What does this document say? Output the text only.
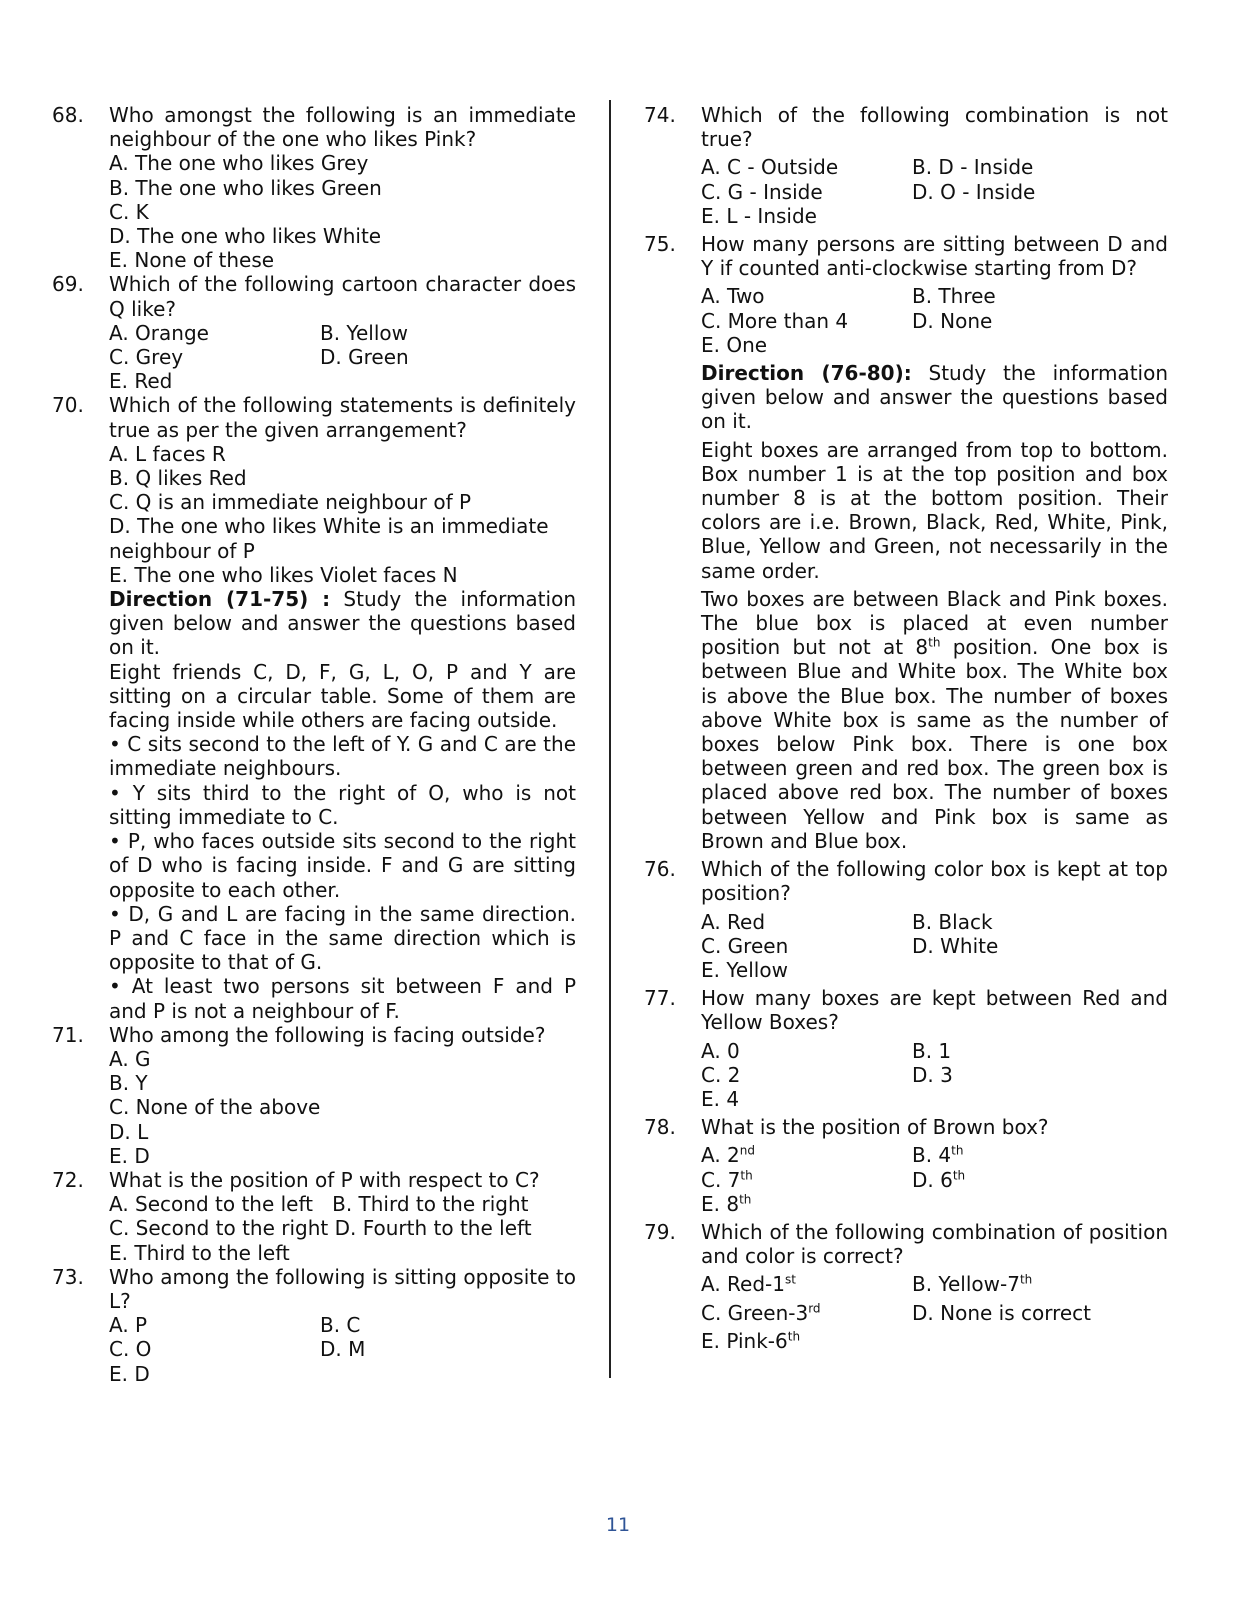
68. Who amongst the following is an immediate neighbour of the one who likes Pink?
A. The one who likes Grey
B. The one who likes Green
C. K
D. The one who likes White
E. None of these
69. Which of the following cartoon character does Q like?
A. Orange	B. Yellow
C. Grey	D. Green
E. Red
70. Which of the following statements is definitely true as per the given arrangement?
A. L faces R
B. Q likes Red
C. Q is an immediate neighbour of P
D. The one who likes White is an immediate neighbour of P
E. The one who likes Violet faces N
Direction (71-75) : Study the information given below and answer the questions based on it.
Eight friends C, D, F, G, L, O, P and Y are sitting on a circular table. Some of them are facing inside while others are facing outside.
• C sits second to the left of Y. G and C are the immediate neighbours.
• Y sits third to the right of O, who is not sitting immediate to C.
• P, who faces outside sits second to the right of D who is facing inside. F and G are sitting opposite to each other.
• D, G and L are facing in the same direction. P and C face in the same direction which is opposite to that of G.
• At least two persons sit between F and P and P is not a neighbour of F.
71. Who among the following is facing outside?
A. G
B. Y
C. None of the above
D. L
E. D
72. What is the position of P with respect to C?
A. Second to the left B. Third to the right
C. Second to the right D. Fourth to the left
E. Third to the left
73. Who among the following is sitting opposite to L?
A. P	B. C
C. O	D. M
E. D
74. Which of the following combination is not true?
A. C - Outside	B. D - Inside
C. G - Inside	D. O - Inside
E. L - Inside
75. How many persons are sitting between D and Y if counted anti-clockwise starting from D?
A. Two	B. Three
C. More than 4	D. None
E. One
Direction (76-80): Study the information given below and answer the questions based on it.
Eight boxes are arranged from top to bottom. Box number 1 is at the top position and box number 8 is at the bottom position. Their colors are i.e. Brown, Black, Red, White, Pink, Blue, Yellow and Green, not necessarily in the same order.
Two boxes are between Black and Pink boxes. The blue box is placed at even number position but not at 8th position. One box is between Blue and White box. The White box is above the Blue box. The number of boxes above White box is same as the number of boxes below Pink box. There is one box between green and red box. The green box is placed above red box. The number of boxes between Yellow and Pink box is same as Brown and Blue box.
76. Which of the following color box is kept at top position?
A. Red	B. Black
C. Green	D. White
E. Yellow
77. How many boxes are kept between Red and Yellow Boxes?
A. 0	B. 1
C. 2	D. 3
E. 4
78. What is the position of Brown box?
A. 2nd	B. 4th
C. 7th	D. 6th
E. 8th
79. Which of the following combination of position and color is correct?
A. Red-1st	B. Yellow-7th
C. Green-3rd	D. None is correct
E. Pink-6th
11
